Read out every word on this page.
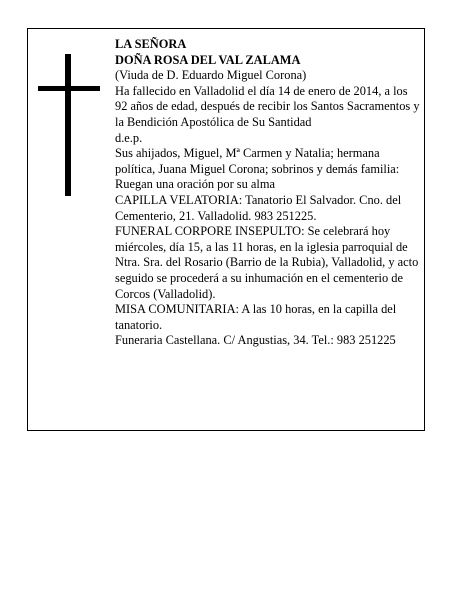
LA SEÑORA

DOÑA ROSA DEL VAL ZALAMA

(Viuda de D. Eduardo Miguel Corona)

Ha fallecido en Valladolid el día 14 de enero de 2014, a los 92 años de edad, después de recibir los Santos Sacramentos y la Bendición Apostólica de Su Santidad

d.e.p.

Sus ahijados, Miguel, Mª Carmen y Natalia; hermana política, Juana Miguel Corona; sobrinos y demás familia:

Ruegan una oración por su alma

CAPILLA VELATORIA: Tanatorio El Salvador. Cno. del Cementerio, 21. Valladolid. 983 251225.

FUNERAL CORPORE INSEPULTO: Se celebrará hoy miércoles, día 15, a las 11 horas, en la iglesia parroquial de Ntra. Sra. del Rosario (Barrio de la Rubia), Valladolid, y acto seguido se procederá a su inhumación en el cementerio de Corcos (Valladolid).

MISA COMUNITARIA: A las 10 horas, en la capilla del tanatorio.

Funeraria Castellana. C/ Angustias, 34. Tel.: 983 251225
